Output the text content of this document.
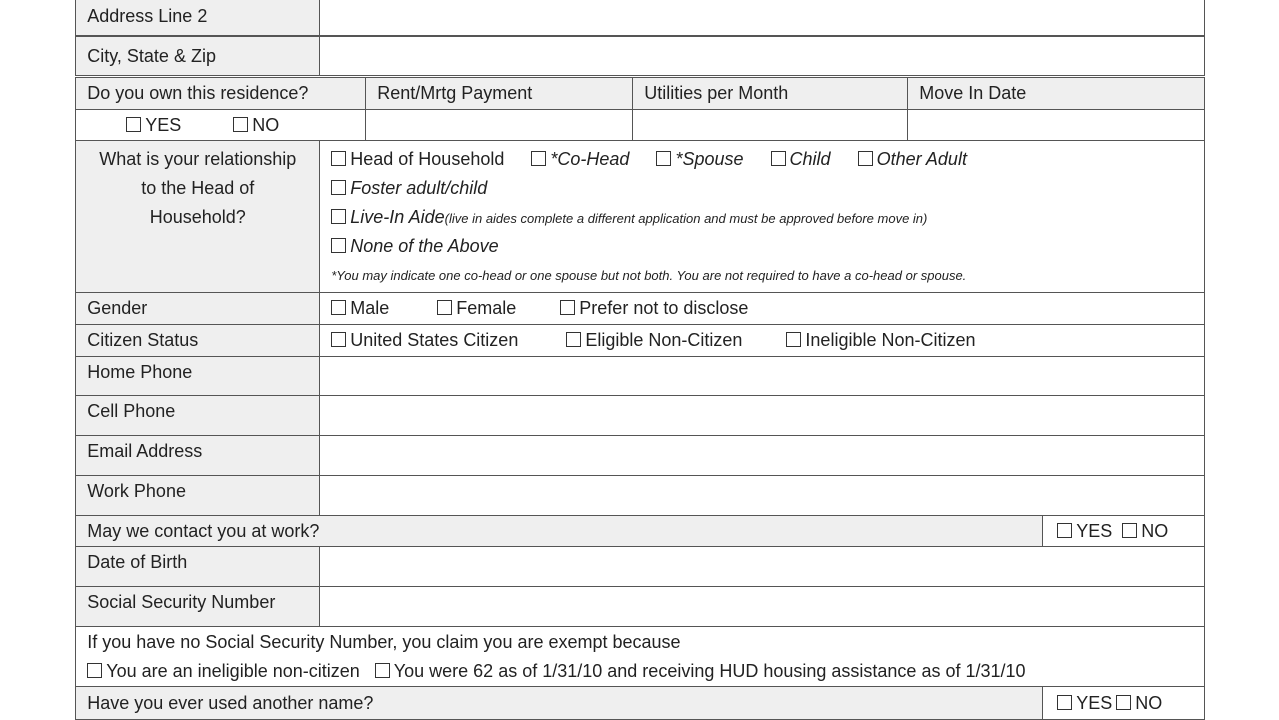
Address Line 2
City, State & Zip
Do you own this residence?	Rent/Mrtg Payment	Utilities per Month	Move In Date
YES	NO
What is your relationship to the Head of Household?
Head of Household	*Co-Head	*Spouse	Child	Other Adult
Foster adult/child
Live-In Aide(live in aides complete a different application and must be approved before move in)
None of the Above
*You may indicate one co-head or one spouse but not both. You are not required to have a co-head or spouse.
Gender	Male	Female	Prefer not to disclose
Citizen Status	United States Citizen	Eligible Non-Citizen	Ineligible Non-Citizen
Home Phone
Cell Phone
Email Address
Work Phone
May we contact you at work?	YES	NO
Date of Birth
Social Security Number
If you have no Social Security Number, you claim you are exempt because
You are an ineligible non-citizen You were 62 as of 1/31/10 and receiving HUD housing assistance as of 1/31/10
Have you ever used another name?	YES	NO
